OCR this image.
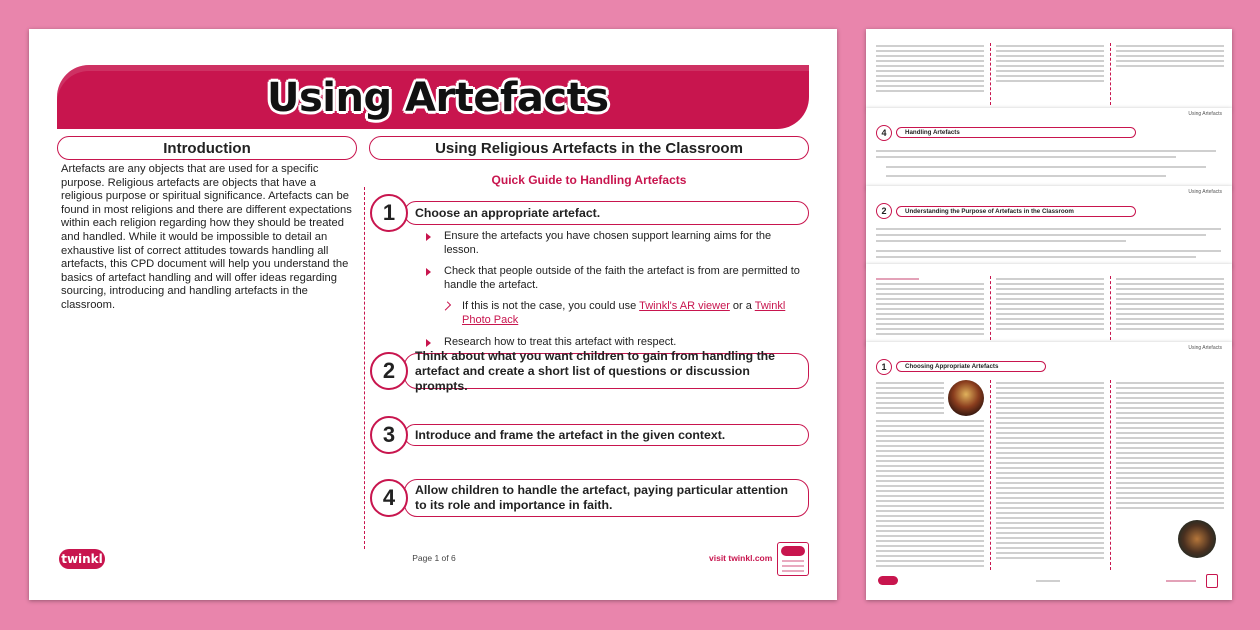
Using Artefacts
Introduction
Artefacts are any objects that are used for a specific purpose. Religious artefacts are objects that have a religious purpose or spiritual significance. Artefacts can be found in most religions and there are different expectations within each religion regarding how they should be treated and handled. While it would be impossible to detail an exhaustive list of correct attitudes towards handling all artefacts, this CPD document will help you understand the basics of artefact handling and will offer ideas regarding sourcing, introducing and handling artefacts in the classroom.
Using Religious Artefacts in the Classroom
Quick Guide to Handling Artefacts
Choose an appropriate artefact.
1
Ensure the artefacts you have chosen support learning aims for the lesson.
Check that people outside of the faith the artefact is from are permitted to handle the artefact.
If this is not the case, you could use Twinkl's AR viewer or a Twinkl Photo Pack
Research how to treat this artefact with respect.
Think about what you want children to gain from handling the artefact and create a short list of questions or discussion prompts.
2
Introduce and frame the artefact in the given context.
3
Allow children to handle the artefact, paying particular attention to its role and importance in faith.
4
twinkl	Page 1 of 6	visit twinkl.com
Using Artefacts
Handling Artefacts
4
Using Artefacts
Understanding the Purpose of Artefacts in the Classroom
2
Using Artefacts
Choosing Appropriate Artefacts
1
